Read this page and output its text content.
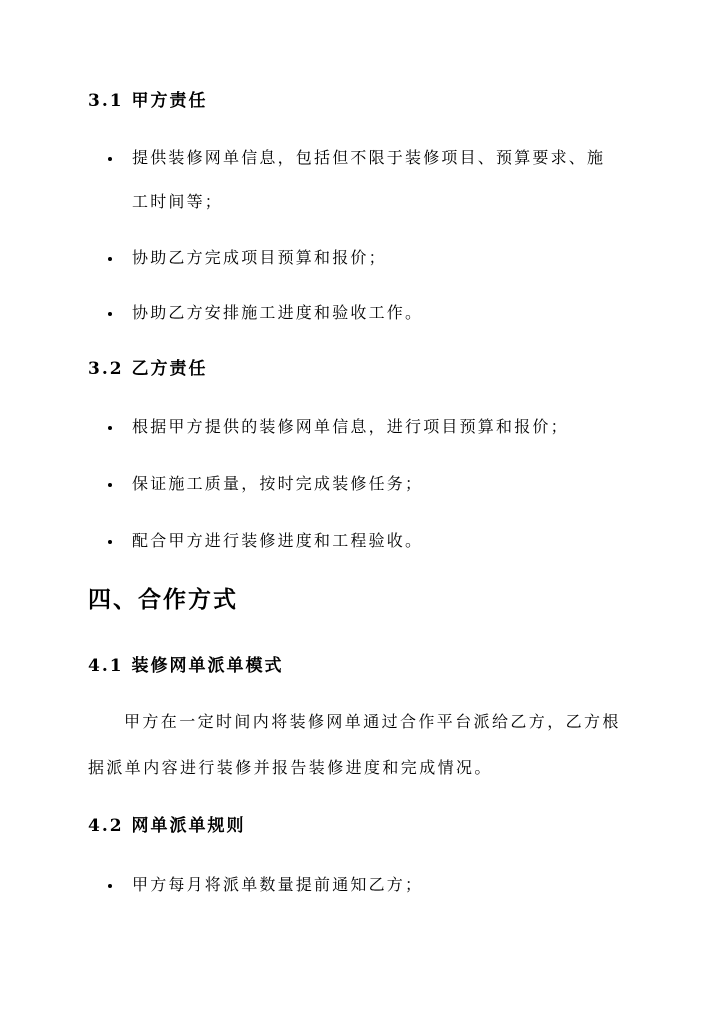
3.1 甲方责任
提供装修网单信息，包括但不限于装修项目、预算要求、施
工时间等；
协助乙方完成项目预算和报价；
协助乙方安排施工进度和验收工作。
3.2 乙方责任
根据甲方提供的装修网单信息，进行项目预算和报价；
保证施工质量，按时完成装修任务；
配合甲方进行装修进度和工程验收。
四、合作方式
4.1 装修网单派单模式
甲方在一定时间内将装修网单通过合作平台派给乙方，乙方根
据派单内容进行装修并报告装修进度和完成情况。
4.2 网单派单规则
甲方每月将派单数量提前通知乙方；
